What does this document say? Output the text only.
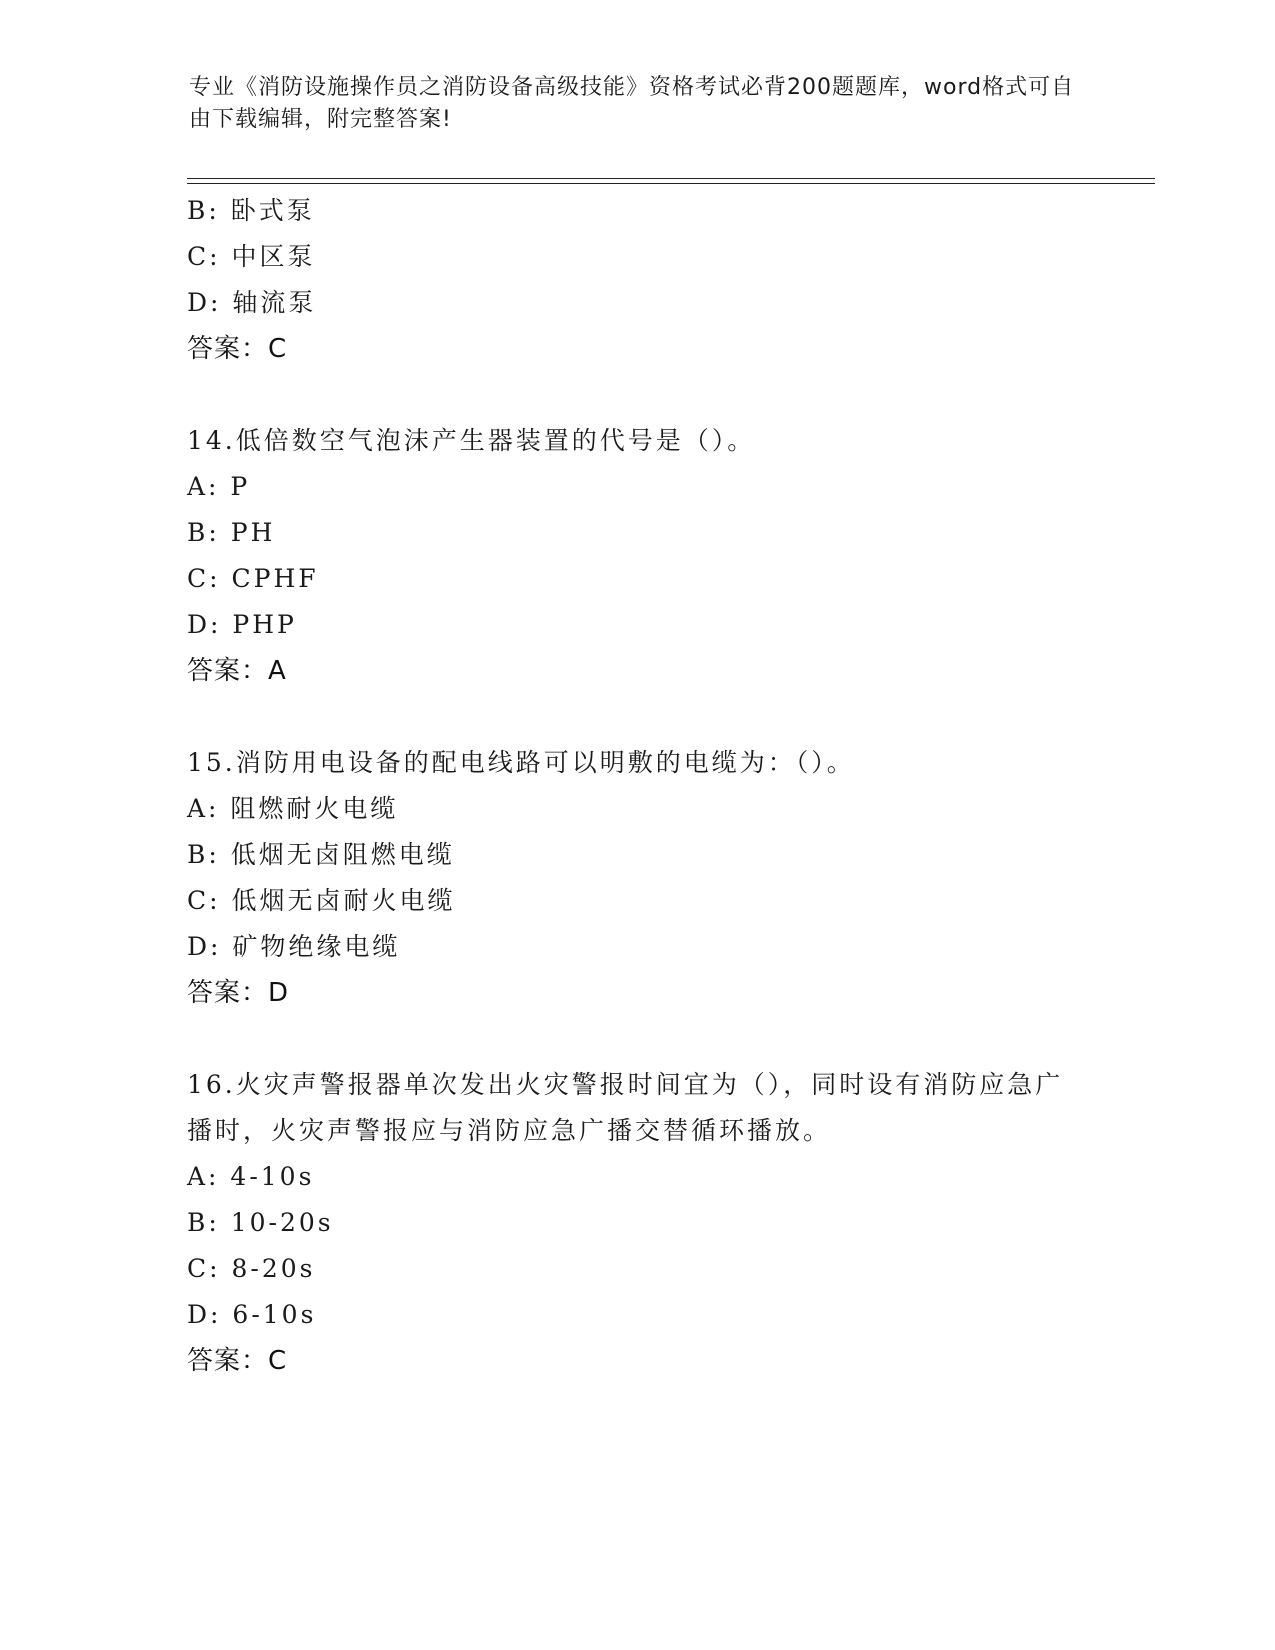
专业《消防设施操作员之消防设备高级技能》资格考试必背200题题库，word格式可自由下载编辑，附完整答案!

B: 卧式泵
C: 中区泵
D: 轴流泵
答案：C

14.低倍数空气泡沫产生器装置的代号是（）。

A: P
B: PH
C: CPHF
D: PHP
答案：A

15.消防用电设备的配电线路可以明敷的电缆为：（）。

A: 阻燃耐火电缆
B: 低烟无卤阻燃电缆
C: 低烟无卤耐火电缆
D: 矿物绝缘电缆
答案：D

16.火灾声警报器单次发出火灾警报时间宜为（），同时设有消防应急广播时，火灾声警报应与消防应急广播交替循环播放。

A: 4-10s
B: 10-20s
C: 8-20s
D: 6-10s
答案：C
